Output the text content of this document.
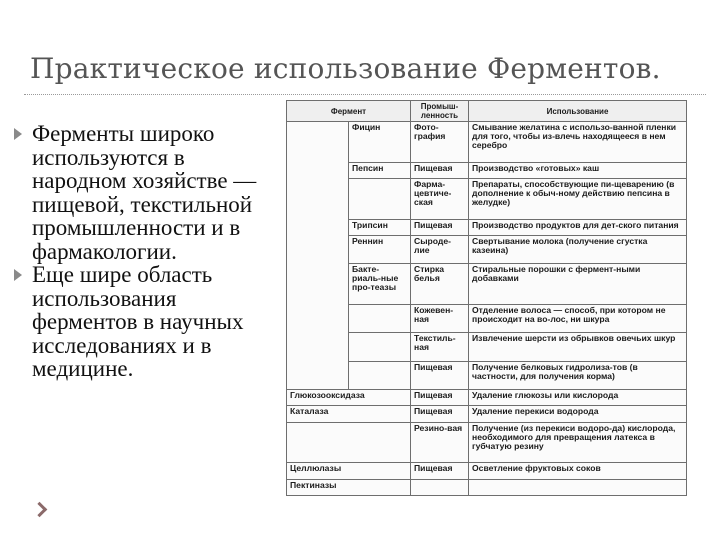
Практическое использование Ферментов.
Ферменты широко используются в народном хозяйстве — пищевой, текстильной промышленности и в фармакологии.
Еще шире область использования ферментов в научных исследованиях и в медицине.
Фермент		Промыш-ленность	Использование
	Фицин	Фото-графия	Смывание желатина с использо-ванной пленки для того, чтобы из-влечь находящееся в нем серебро
	Пепсин	Пищевая	Производство «готовых» каш
		Фарма-цевтиче-ская	Препараты, способствующие пи-щеварению (в дополнение к обыч-ному действию пепсина в желудке)
	Трипсин	Пищевая	Производство продуктов для дет-ского питания
	Реннин	Сыроде-лие	Свертывание молока (получение сгустка казеина)
	Бакте-риаль-ные про-теазы	Стирка белья	Стиральные порошки с фермент-ными добавками
		Кожевен-ная	Отделение волоса — способ, при котором не происходит на во-лос, ни шкура
		Текстиль-ная	Извлечение шерсти из обрывков овечьих шкур
		Пищевая	Получение белковых гидролиза-тов (в частности, для получения корма)
Глюкозооксидаза		Пищевая	Удаление глюкозы или кислорода
Каталаза		Пищевая	Удаление перекиси водорода
		Резино-вая	Получение (из перекиси водоро-да) кислорода, необходимого для превращения латекса в губчатую резину
Целлюлазы		Пищевая	Осветление фруктовых соков
Пектиназы			
